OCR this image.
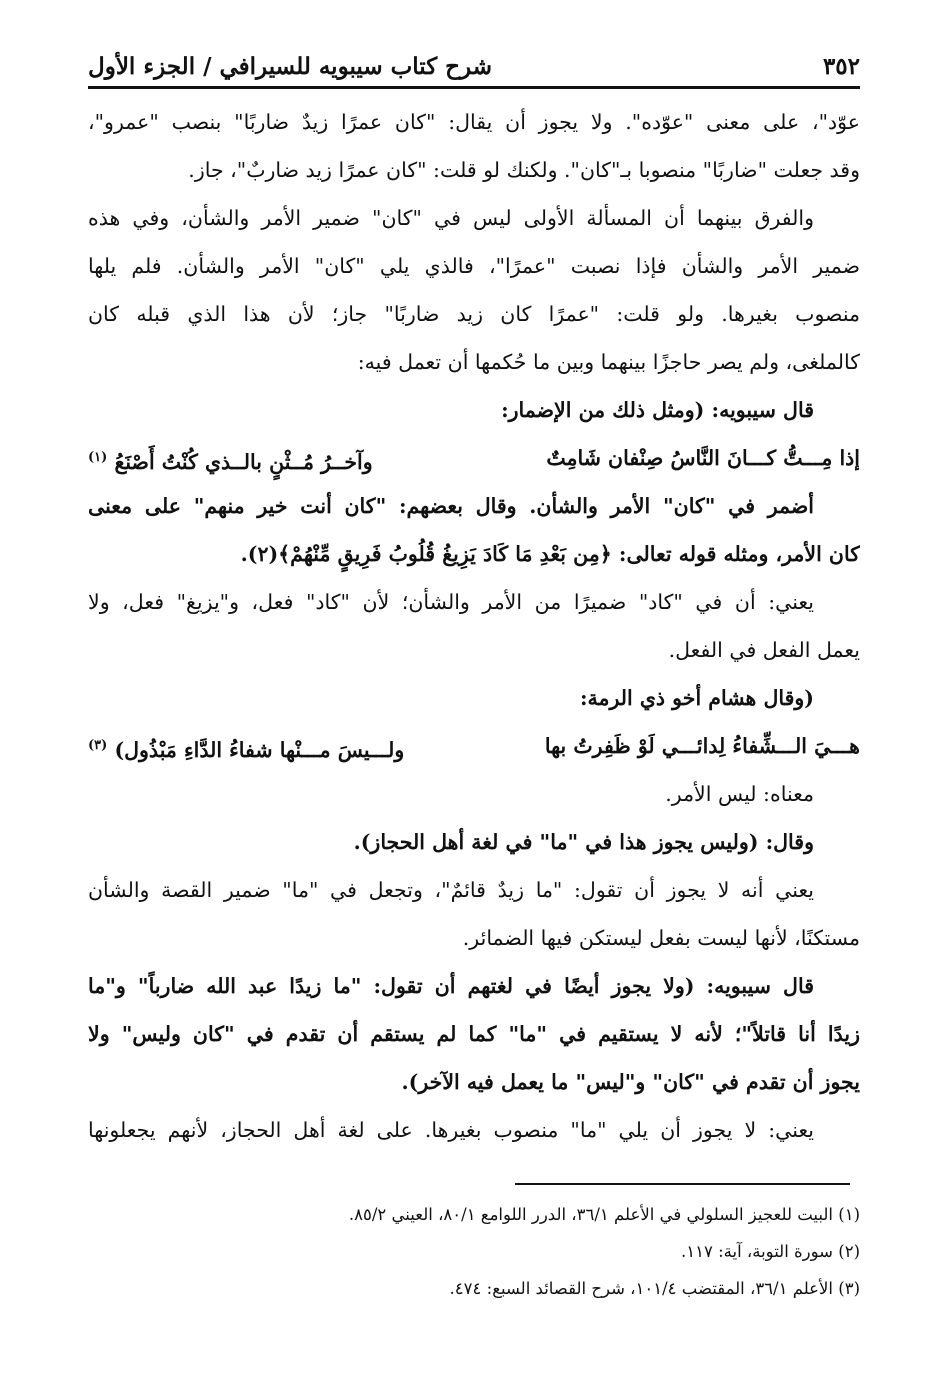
٣٥٢
شرح كتاب سيبويه للسيرافي / الجزء الأول
عوّد"، على معنى "عوّده". ولا يجوز أن يقال: "كان عمرًا زيدٌ ضاربًا" بنصب "عمرو"،
وقد جعلت "ضاربًا" منصوبا بـ"كان". ولكنك لو قلت: "كان عمرًا زيد ضاربٌ"، جاز.
والفرق بينهما أن المسألة الأولى ليس في "كان" ضمير الأمر والشأن، وفي هذه
ضمير الأمر والشأن فإذا نصبت "عمرًا"، فالذي يلي "كان" الأمر والشأن. فلم يلها
منصوب بغيرها. ولو قلت: "عمرًا كان زيد ضاربًا" جاز؛ لأن هذا الذي قبله كان
كالملغى، ولم يصر حاجزًا بينهما وبين ما حُكمها أن تعمل فيه:
قال سيبويه: (ومثل ذلك من الإضمار:
إذا مِـــتُّ كـــانَ النَّاسُ صِنْفان شَامِتٌ
وآخــرُ مُــثْنٍ بالــذي كُنْتُ أَصْنَعُ $^{(١)}$
أضمر في "كان" الأمر والشأن. وقال بعضهم: "كان أنت خير منهم" على معنى
كان الأمر، ومثله قوله تعالى: ﴿مِن بَعْدِ مَا كَادَ يَزِيغُ قُلُوبُ فَرِيقٍ مِّنْهُمْ﴾(٢).
يعني: أن في "كاد" ضميرًا من الأمر والشأن؛ لأن "كاد" فعل، و"يزيغ" فعل، ولا
يعمل الفعل في الفعل.
(وقال هشام أخو ذي الرمة:
هـــيَ الـــشِّفاءُ لِدائـــي لَوْ ظَفِرتُ بها
ولـــيسَ مـــنْها شفاءُ الدَّاءِ مَبْذُول) $^{(٣)}$
معناه: ليس الأمر.
وقال: (وليس يجوز هذا في "ما" في لغة أهل الحجاز).
يعني أنه لا يجوز أن تقول: "ما زيدٌ قائمٌ"، وتجعل في "ما" ضمير القصة والشأن
مستكنًا، لأنها ليست بفعل ليستكن فيها الضمائر.
قال سيبويه: (ولا يجوز أيضًا في لغتهم أن تقول: "ما زيدًا عبد الله ضارباً" و"ما
زيدًا أنا قاتلاً"؛ لأنه لا يستقيم في "ما" كما لم يستقم أن تقدم في "كان وليس" ولا
يجوز أن تقدم في "كان" و"ليس" ما يعمل فيه الآخر).
يعني: لا يجوز أن يلي "ما" منصوب بغيرها. على لغة أهل الحجاز، لأنهم يجعلونها
(١) البيت للعجيز السلولي في الأعلم ٣٦/١، الدرر اللوامع ٨٠/١، العيني ٨٥/٢.
(٢) سورة التوبة، آية: ١١٧.
(٣) الأعلم ٣٦/١، المقتضب ١٠١/٤، شرح القصائد السبع: ٤٧٤.
